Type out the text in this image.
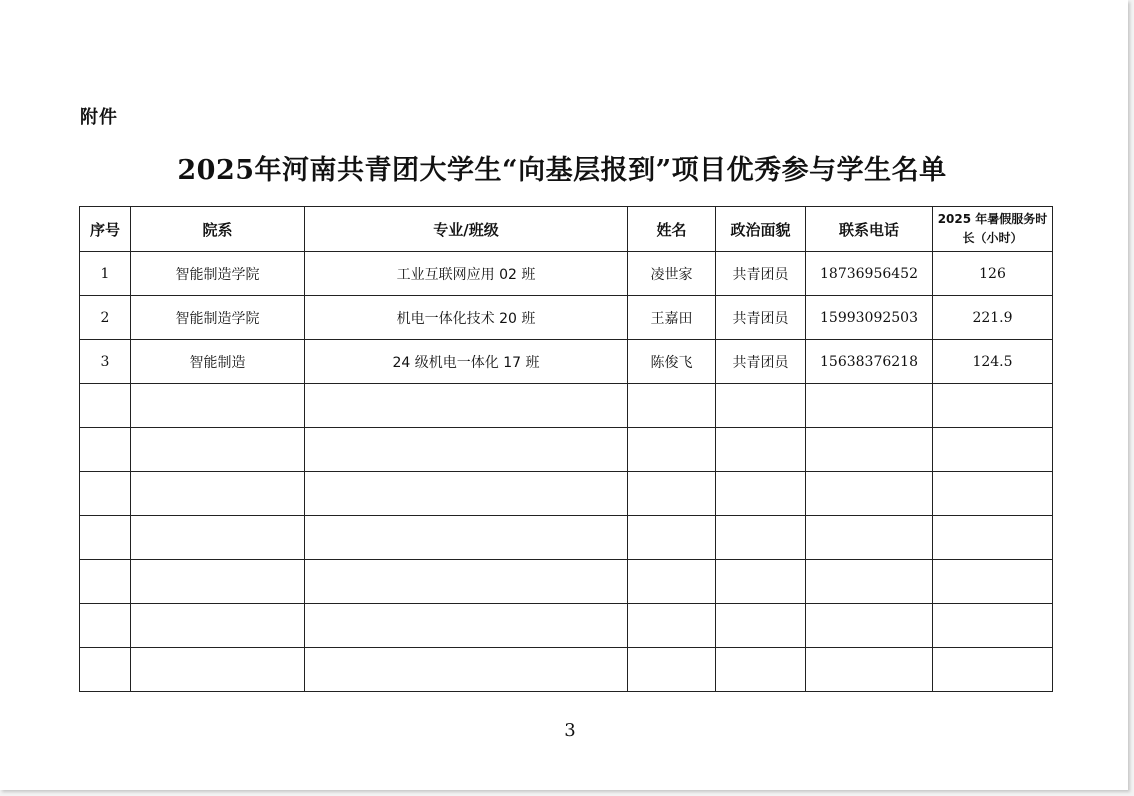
附件
2025年河南共青团大学生“向基层报到”项目优秀参与学生名单
序号	院系	专业/班级	姓名	政治面貌	联系电话	2025 年暑假服务时长（小时）
1	智能制造学院	工业互联网应用 02 班	凌世家	共青团员	18736956452	126
2	智能制造学院	机电一体化技术 20 班	王嘉田	共青团员	15993092503	221.9
3	智能制造	24 级机电一体化 17 班	陈俊飞	共青团员	15638376218	124.5

3
